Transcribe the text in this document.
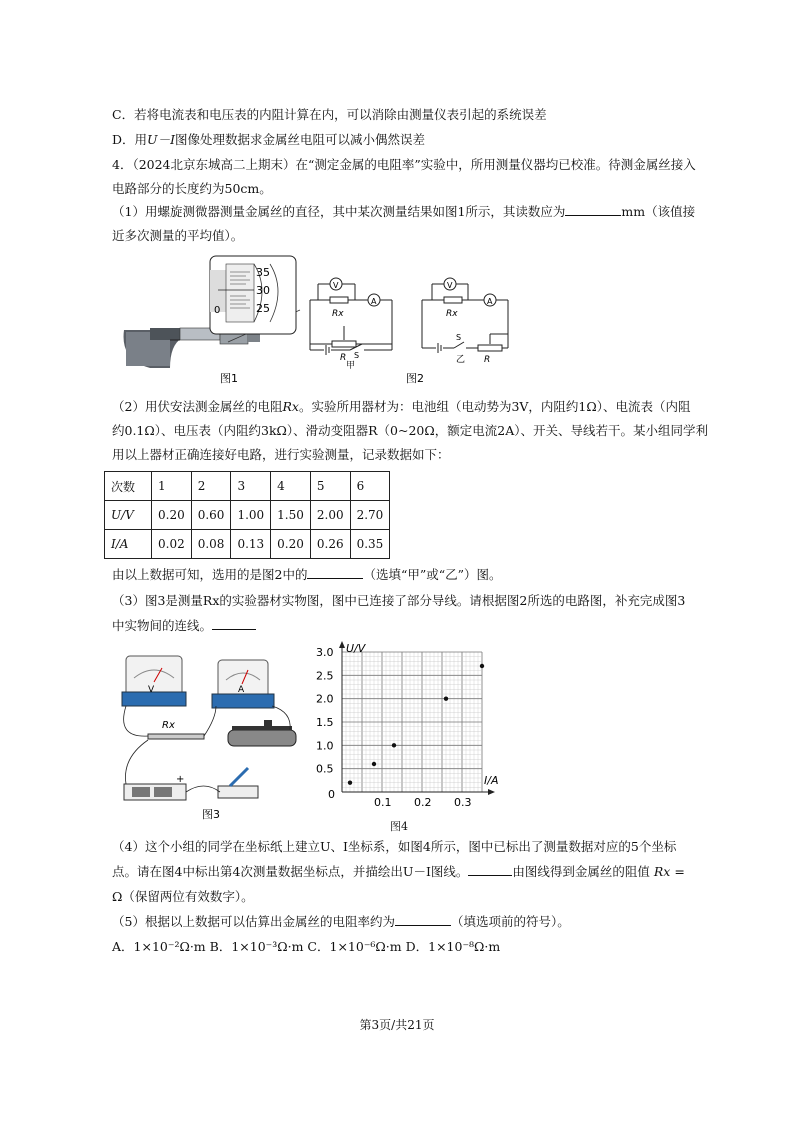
C．若将电流表和电压表的内阻计算在内，可以消除由测量仪表引起的系统误差
D．用U－I图像处理数据求金属丝电阻可以减小偶然误差
4．（2024北京东城高二上期末）在“测定金属的电阻率”实验中，所用测量仪器均已校准。待测金属丝接入
电路部分的长度约为50cm。
（1）用螺旋测微器测量金属丝的直径，其中某次测量结果如图1所示，其读数应为	mm（该值接
近多次测量的平均值）。
35
30
25
0
图1
V
A
Rx
R S
甲
V
A
Rx
R
S
乙
图2
（2）用伏安法测金属丝的电阻Rx。实验所用器材为：电池组（电动势为3V，内阻约1Ω）、电流表（内阻
约0.1Ω）、电压表（内阻约3kΩ）、滑动变阻器R（0~20Ω，额定电流2A）、开关、导线若干。某小组同学利
用以上器材正确连接好电路，进行实验测量，记录数据如下：
次数	1	2	3	4	5	6
U/V	0.20	0.60	1.00	1.50	2.00	2.70
I/A	0.02	0.08	0.13	0.20	0.26	0.35
由以上数据可知，选用的是图2中的	（选填“甲”或“乙”）图。
（3）图3是测量Rx的实验器材实物图，图中已连接了部分导线。请根据图2所选的电路图，补充完成图3
中实物间的连线。
V	A
Rx
+
图3
U/V
I/A
0
0.1 0.2 0.3
0.5
1.0
1.5
2.0
2.5
3.0
图4
（4）这个小组的同学在坐标纸上建立U、I坐标系，如图4所示，图中已标出了测量数据对应的5个坐标
点。请在图4中标出第4次测量数据坐标点，并描绘出U－I图线。	由图线得到金属丝的阻值 Rx =
Ω（保留两位有效数字）。
（5）根据以上数据可以估算出金属丝的电阻率约为	（填选项前的符号）。
A．1×10⁻²Ω·m B．1×10⁻³Ω·m C．1×10⁻⁶Ω·m D．1×10⁻⁸Ω·m
第3页/共21页
